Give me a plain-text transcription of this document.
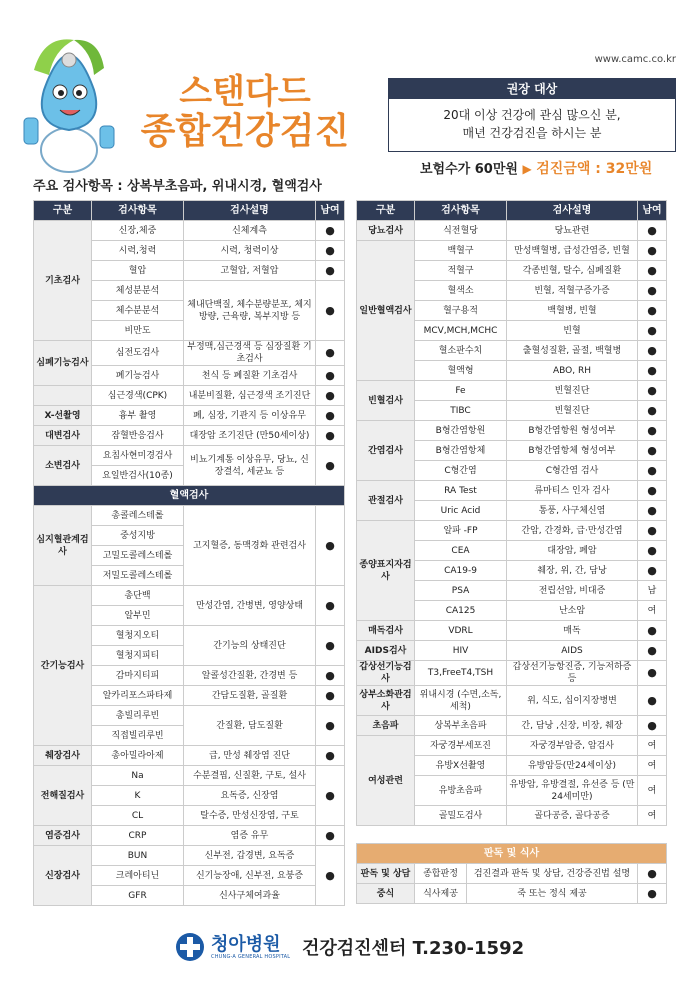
www.camc.co.kr
스탠다드
종합건강검진
권장 대상
20대 이상 건강에 관심 많으신 분,
매년 건강검진을 하시는 분
보험수가 60만원 ▶ 검진금액 : 32만원
주요 검사항목 : 상복부초음파, 위내시경, 혈액검사
구분	검사항목	검사설명	남여
기초검사	신장,체중	신체계측	●
	시력,청력	시력, 청력이상	●
	혈압	고혈압, 저혈압	●
	체성분분석	체내단백질, 체수분량분포, 체지방량, 근육량, 복부지방 등	●
	체수분분석		
	비만도		
심폐기능검사	심전도검사	부정맥,심근경색 등 심장질환 기초검사	●
	폐기능검사	천식 등 폐질환 기초검사	●
	심근경색(CPK)	내분비질환, 심근경색 조기진단	●
X-선촬영	흉부 촬영	폐, 심장, 기관지 등 이상유무	●
대변검사	잠혈반응검사	대장암 조기진단 (만50세이상)	●
소변검사	요침사현미경검사	비뇨기계통 이상유무, 당뇨, 신장결석, 세균뇨 등	●
	요일반검사(10종)		
혈액검사			
심지혈관계검사	총콜레스테롤	고지혈증, 동맥경화 관련검사	●
	중성지방		
	고밀도콜레스테롤		
	저밀도콜레스테롤		
간기능검사	총단백	만성간염, 간병변, 영양상태	●
	알부민		
	혈청지오티	간기능의 상태진단	●
	혈청지피티		
	감마지티피	알콜성간질환, 간경변 등	●
	알카리포스파타제	간담도질환, 골질환	●
	총빌리루빈	간질환, 담도질환	●
	직접빌리루빈		
췌장검사	총아밀라아제	급, 만성 췌장염 진단	●
전해질검사	Na	수분결핍, 신질환, 구토, 설사	●
	K	요독증, 신장염	
	CL	탈수증, 만성신장염, 구토	
염증검사	CRP	염증 유무	●
신장검사	BUN	신부전, 갑경변, 요독증	●
	크레아티닌	신기능장애, 신부전, 요붕증	
	GFR	신사구체여과율	
구분	검사항목	검사설명	남여
당뇨검사	식전혈당	당뇨관련	●
일반혈액검사	백혈구	만성백혈병, 급성간염증, 빈혈	●
	적혈구	각종빈혈, 탈수, 심폐질환	●
	혈색소	빈혈, 적혈구증가증	●
	혈구용적	백혈병, 빈혈	●
	MCV,MCH,MCHC	빈혈	●
	혈소판수치	출혈성질환, 골절, 백혈병	●
	혈액형	ABO, RH	●
빈혈검사	Fe	빈혈진단	●
	TIBC	빈혈진단	●
간염검사	B형간염항원	B형간염항원 형성여부	●
	B형간염항체	B형간염항체 형성여부	●
	C형간염	C형간염 검사	●
관절검사	RA Test	류마티스 인자 검사	●
	Uric Acid	통풍, 사구체신염	●
종양표지자검사	알파 -FP	간암, 간경화, 급·만성간염	●
	CEA	대장암, 폐암	●
	CA19-9	췌장, 위, 간, 담낭	●
	PSA	전립선암, 비대증	남
	CA125	난소암	여
매독검사	VDRL	매독	●
AIDS검사	HIV	AIDS	●
갑상선기능검사	T3,FreeT4,TSH	갑상선기능항진증, 기능저하증등	●
상부소화관검사	위내시경 (수면,소독,세척)	위, 식도, 십이지장병변	●
초음파	상복부초음파	간, 담낭 ,신장, 비장, 췌장	●
여성관련	자궁경부세포진	자궁경부암증, 암검사	여
	유방X선촬영	유방암등(만24세이상)	여
	유방초음파	유방암, 유방결절, 유선증 등 (만24세미만)	여
	골밀도검사	골다공증, 골다공증	여
판독 및 식사			
판독 및 상담	종합판정	검진결과 판독 및 상담, 건강증진법 설명	●
중식	식사제공	죽 또는 정식 제공	●
청아병원
CHUNG-A GENERAL HOSPITAL 건강검진센터 T.230-1592
